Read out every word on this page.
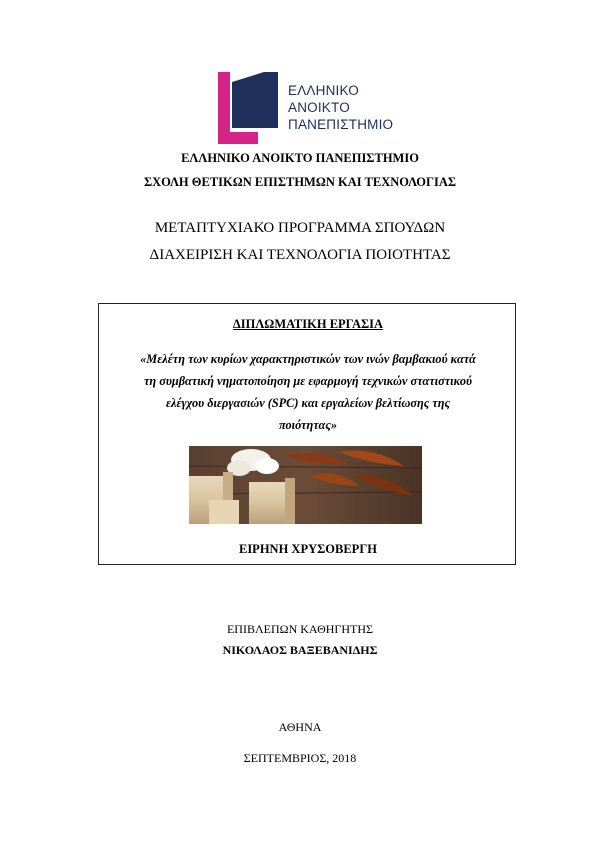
ΕΛΛΗΝΙΚΟ
ΑΝΟΙΚΤΟ
ΠΑΝΕΠΙΣΤΗΜΙΟ
ΕΛΛΗΝΙΚΟ ΑΝΟΙΚΤΟ ΠΑΝΕΠΙΣΤΗΜΙΟ
ΣΧΟΛΗ ΘΕΤΙΚΩΝ ΕΠΙΣΤΗΜΩΝ ΚΑΙ ΤΕΧΝΟΛΟΓΙΑΣ
ΜΕΤΑΠΤΥΧΙΑΚΟ ΠΡΟΓΡΑΜΜΑ ΣΠΟΥΔΩΝ
ΔΙΑΧΕΙΡΙΣΗ ΚΑΙ ΤΕΧΝΟΛΟΓΙΑ ΠΟΙΟΤΗΤΑΣ
ΔΙΠΛΩΜΑΤΙΚΗ ΕΡΓΑΣΙΑ
«Μελέτη των κυρίων χαρακτηριστικών των ινών βαμβακιού κατά
τη συμβατική νηματοποίηση με εφαρμογή τεχνικών στατιστικού
ελέγχου διεργασιών (SPC) και εργαλείων βελτίωσης της
ποιότητας»
ΕΙΡΗΝΗ ΧΡΥΣΟΒΕΡΓΗ
ΕΠΙΒΛΕΠΩΝ ΚΑΘΗΓΗΤΗΣ
ΝΙΚΟΛΑΟΣ ΒΑΞΕΒΑΝΙΔΗΣ
ΑΘΗΝΑ
ΣΕΠΤΕΜΒΡΙΟΣ, 2018
